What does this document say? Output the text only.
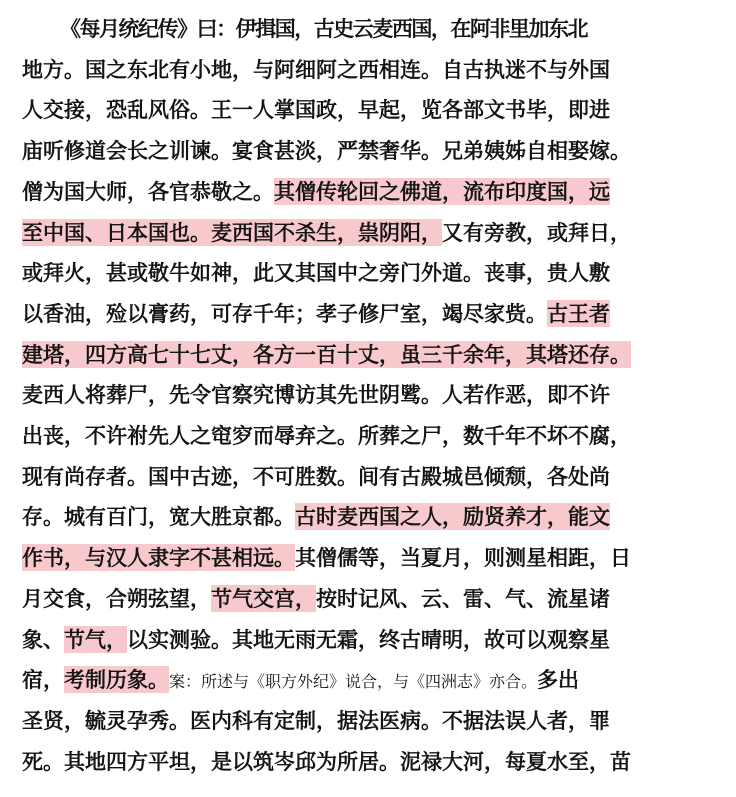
《每月统纪传》曰：伊揖国，古史云麦西国，在阿非里加东北
地方。国之东北有小地，与阿细阿之西相连。自古执迷不与外国
人交接，恐乱风俗。王一人掌国政，早起，览各部文书毕，即进
庙听修道会长之训谏。宴食甚淡，严禁奢华。兄弟姨姊自相娶嫁。
僧为国大师，各官恭敬之。其僧传轮回之佛道，流布印度国，远
至中国、日本国也。麦西国不杀生，祟阴阳，又有旁教，或拜日，
或拜火，甚或敬牛如神，此又其国中之旁门外道。丧事，贵人敷
以香油，殓以膏药，可存千年；孝子修尸室，竭尽家赀。古王者
建塔，四方高七十七丈，各方一百十丈，虽三千余年，其塔还存。
麦西人将葬尸，先令官察究博访其先世阴骘。人若作恶，即不许
出丧，不许祔先人之窀穸而辱弃之。所葬之尸，数千年不坏不腐，
现有尚存者。国中古迹，不可胜数。间有古殿城邑倾颓，各处尚
存。城有百门，宽大胜京都。古时麦西国之人，励贤养才，能文
作书，与汉人隶字不甚相远。其僧儒等，当夏月，则测星相距，日
月交食，合朔弦望，节气交宫，按时记风、云、雷、气、流星诸
象、节气，以实测验。其地无雨无霜，终古晴明，故可以观察星
宿，考制历象。案：所述与《职方外纪》说合，与《四洲志》亦合。多出
圣贤，毓灵孕秀。医内科有定制，据法医病。不据法误人者，罪
死。其地四方平坦，是以筑岑邱为所居。泥禄大河，每夏水至，苗
